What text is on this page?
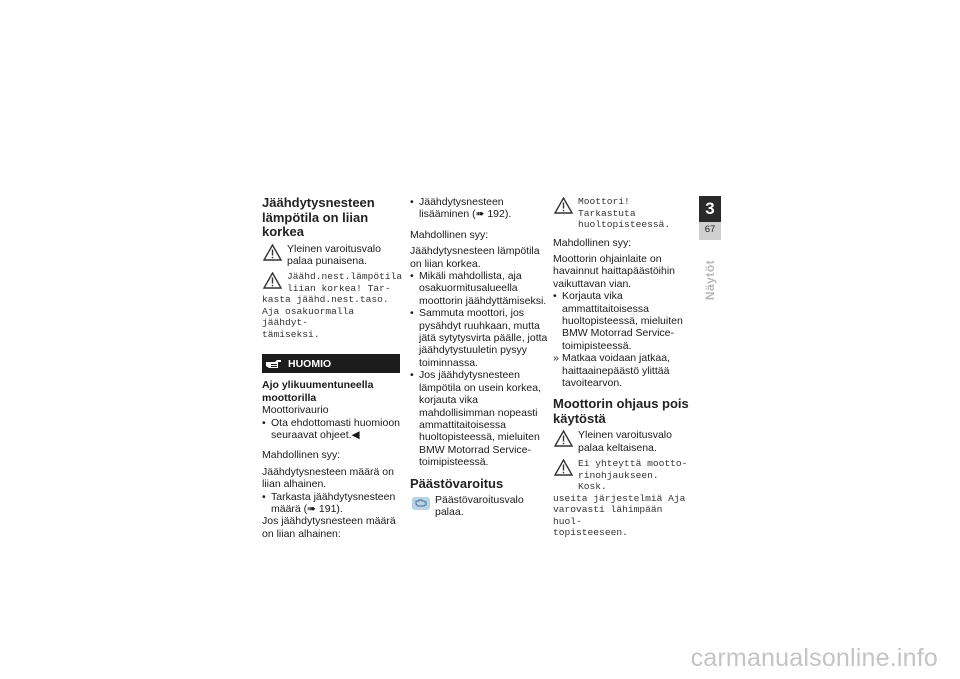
Jäähdytysnesteen lämpötila on liian korkea

Yleinen varoitusvalo palaa punaisena.

Jäähd.nest.lämpötila
liian korkea! Tar-
kasta jäähd.nest.taso.
Aja osakuormalla jäähdyt-
tämiseksi.
HUOMIO

Ajo ylikuumentuneella moottorilla

Moottorivaurio

• Ota ehdottomasti huomioon seuraavat ohjeet.◀

Mahdollinen syy:

Jäähdytysnesteen määrä on liian alhainen.

• Tarkasta jäähdytysnesteen määrä (➠ 191).

Jos jäähdytysnesteen määrä on liian alhainen:

• Jäähdytysnesteen lisääminen (➠ 192).

Mahdollinen syy:

Jäähdytysnesteen lämpötila on liian korkea.

• Mikäli mahdollista, aja osakuormitusalueella moottorin jäähdyttämiseksi.

• Sammuta moottori, jos pysähdyt ruuhkaan, mutta jätä sytytysvirta päälle, jotta jäähdytystuuletin pysyy toiminnassa.

• Jos jäähdytysnesteen lämpötila on usein korkea, korjauta vika mahdollisimman nopeasti ammattitaitoisessa huoltopisteessä, mieluiten BMW Motorrad Service-toimipisteessä.

Päästövaroitus

Päästövaroitusvalo palaa.

Moottori! Tarkastuta
huoltopisteessä.

Mahdollinen syy:

Moottorin ohjainlaite on havainnut haittapäästöihin vaikuttavan vian.

• Korjauta vika ammattitaitoisessa huoltopisteessä, mieluiten BMW Motorrad Service-toimipisteessä.

» Matkaa voidaan jatkaa, haittaainepäästö ylittää tavoitearvon.

Moottorin ohjaus pois käytöstä

Yleinen varoitusvalo palaa keltaisena.

Ei yhteyttä mootto-
rinohjaukseen. Kosk.
useita järjestelmiä Aja
varovasti lähimpään huol-
topisteeseen.
3
67
Näytöt
carmanualsonline.info
